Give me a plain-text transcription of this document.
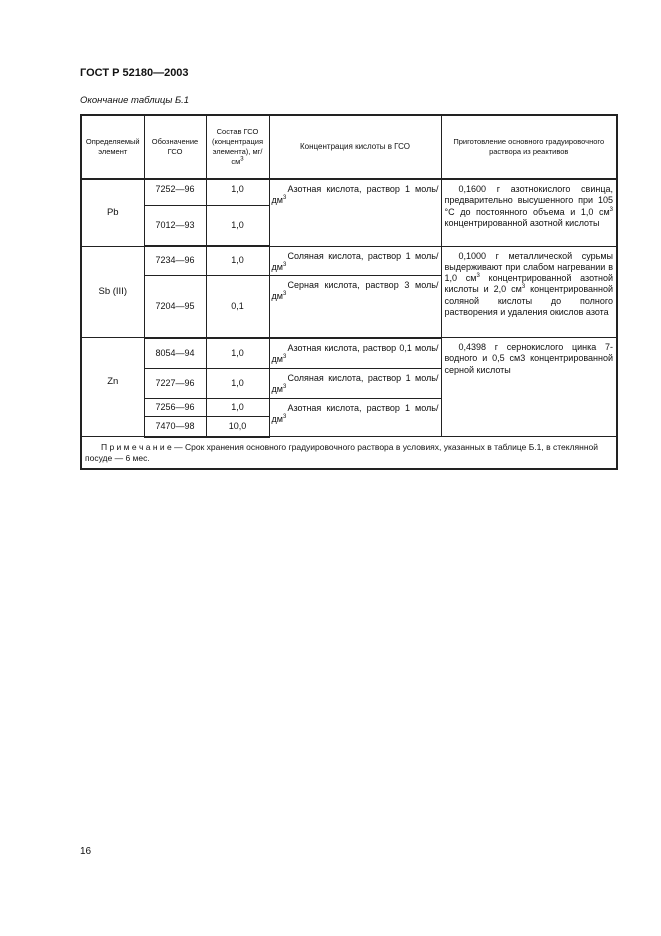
ГОСТ Р 52180—2003
Окончание таблицы Б.1
Определяемый элемент	Обозначение ГСО	Состав ГСО (концентрация элемента), $мг/см^3$	Концентрация кислоты в ГСО	Приготовление основного градуировочного раствора из реактивов
Pb	7252—96	1,0	Азотная кислота, раствор 1 моль/$дм^3$	0,1600 г азотнокислого свинца, предварительно высушенного при 105 °С до постоянного объема и 1,0 $см^3$ концентрированной азотной кислоты
	7012—93	1,0		
Sb (III)	7234—96	1,0	Соляная кислота, раствор 1 моль/$дм^3$	0,1000 г металлической сурьмы выдерживают при слабом нагревании в 1,0 $см^3$ концентрированной азотной кислоты и 2,0 $см^3$ концентрированной соляной кислоты до полного растворения и удаления окислов азота
	7204—95	0,1	Серная кислота, раствор 3 моль/$дм^3$
Zn	8054—94	1,0	Азотная кислота, раствор 0,1 моль/$дм^3$	0,4398 г сернокислого цинка 7-водного и 0,5 см3 концентрированной серной кислоты
	7227—96	1,0	Соляная кислота, раствор 1 моль/$дм^3$
	7256—96	1,0	Азотная кислота, раствор 1 моль/$дм^3$
	7470—98	10,0		
П р и м е ч а н и е — Срок хранения основного градуировочного раствора в условиях, указанных в таблице Б.1, в стеклянной посуде — 6 мес.				
16
